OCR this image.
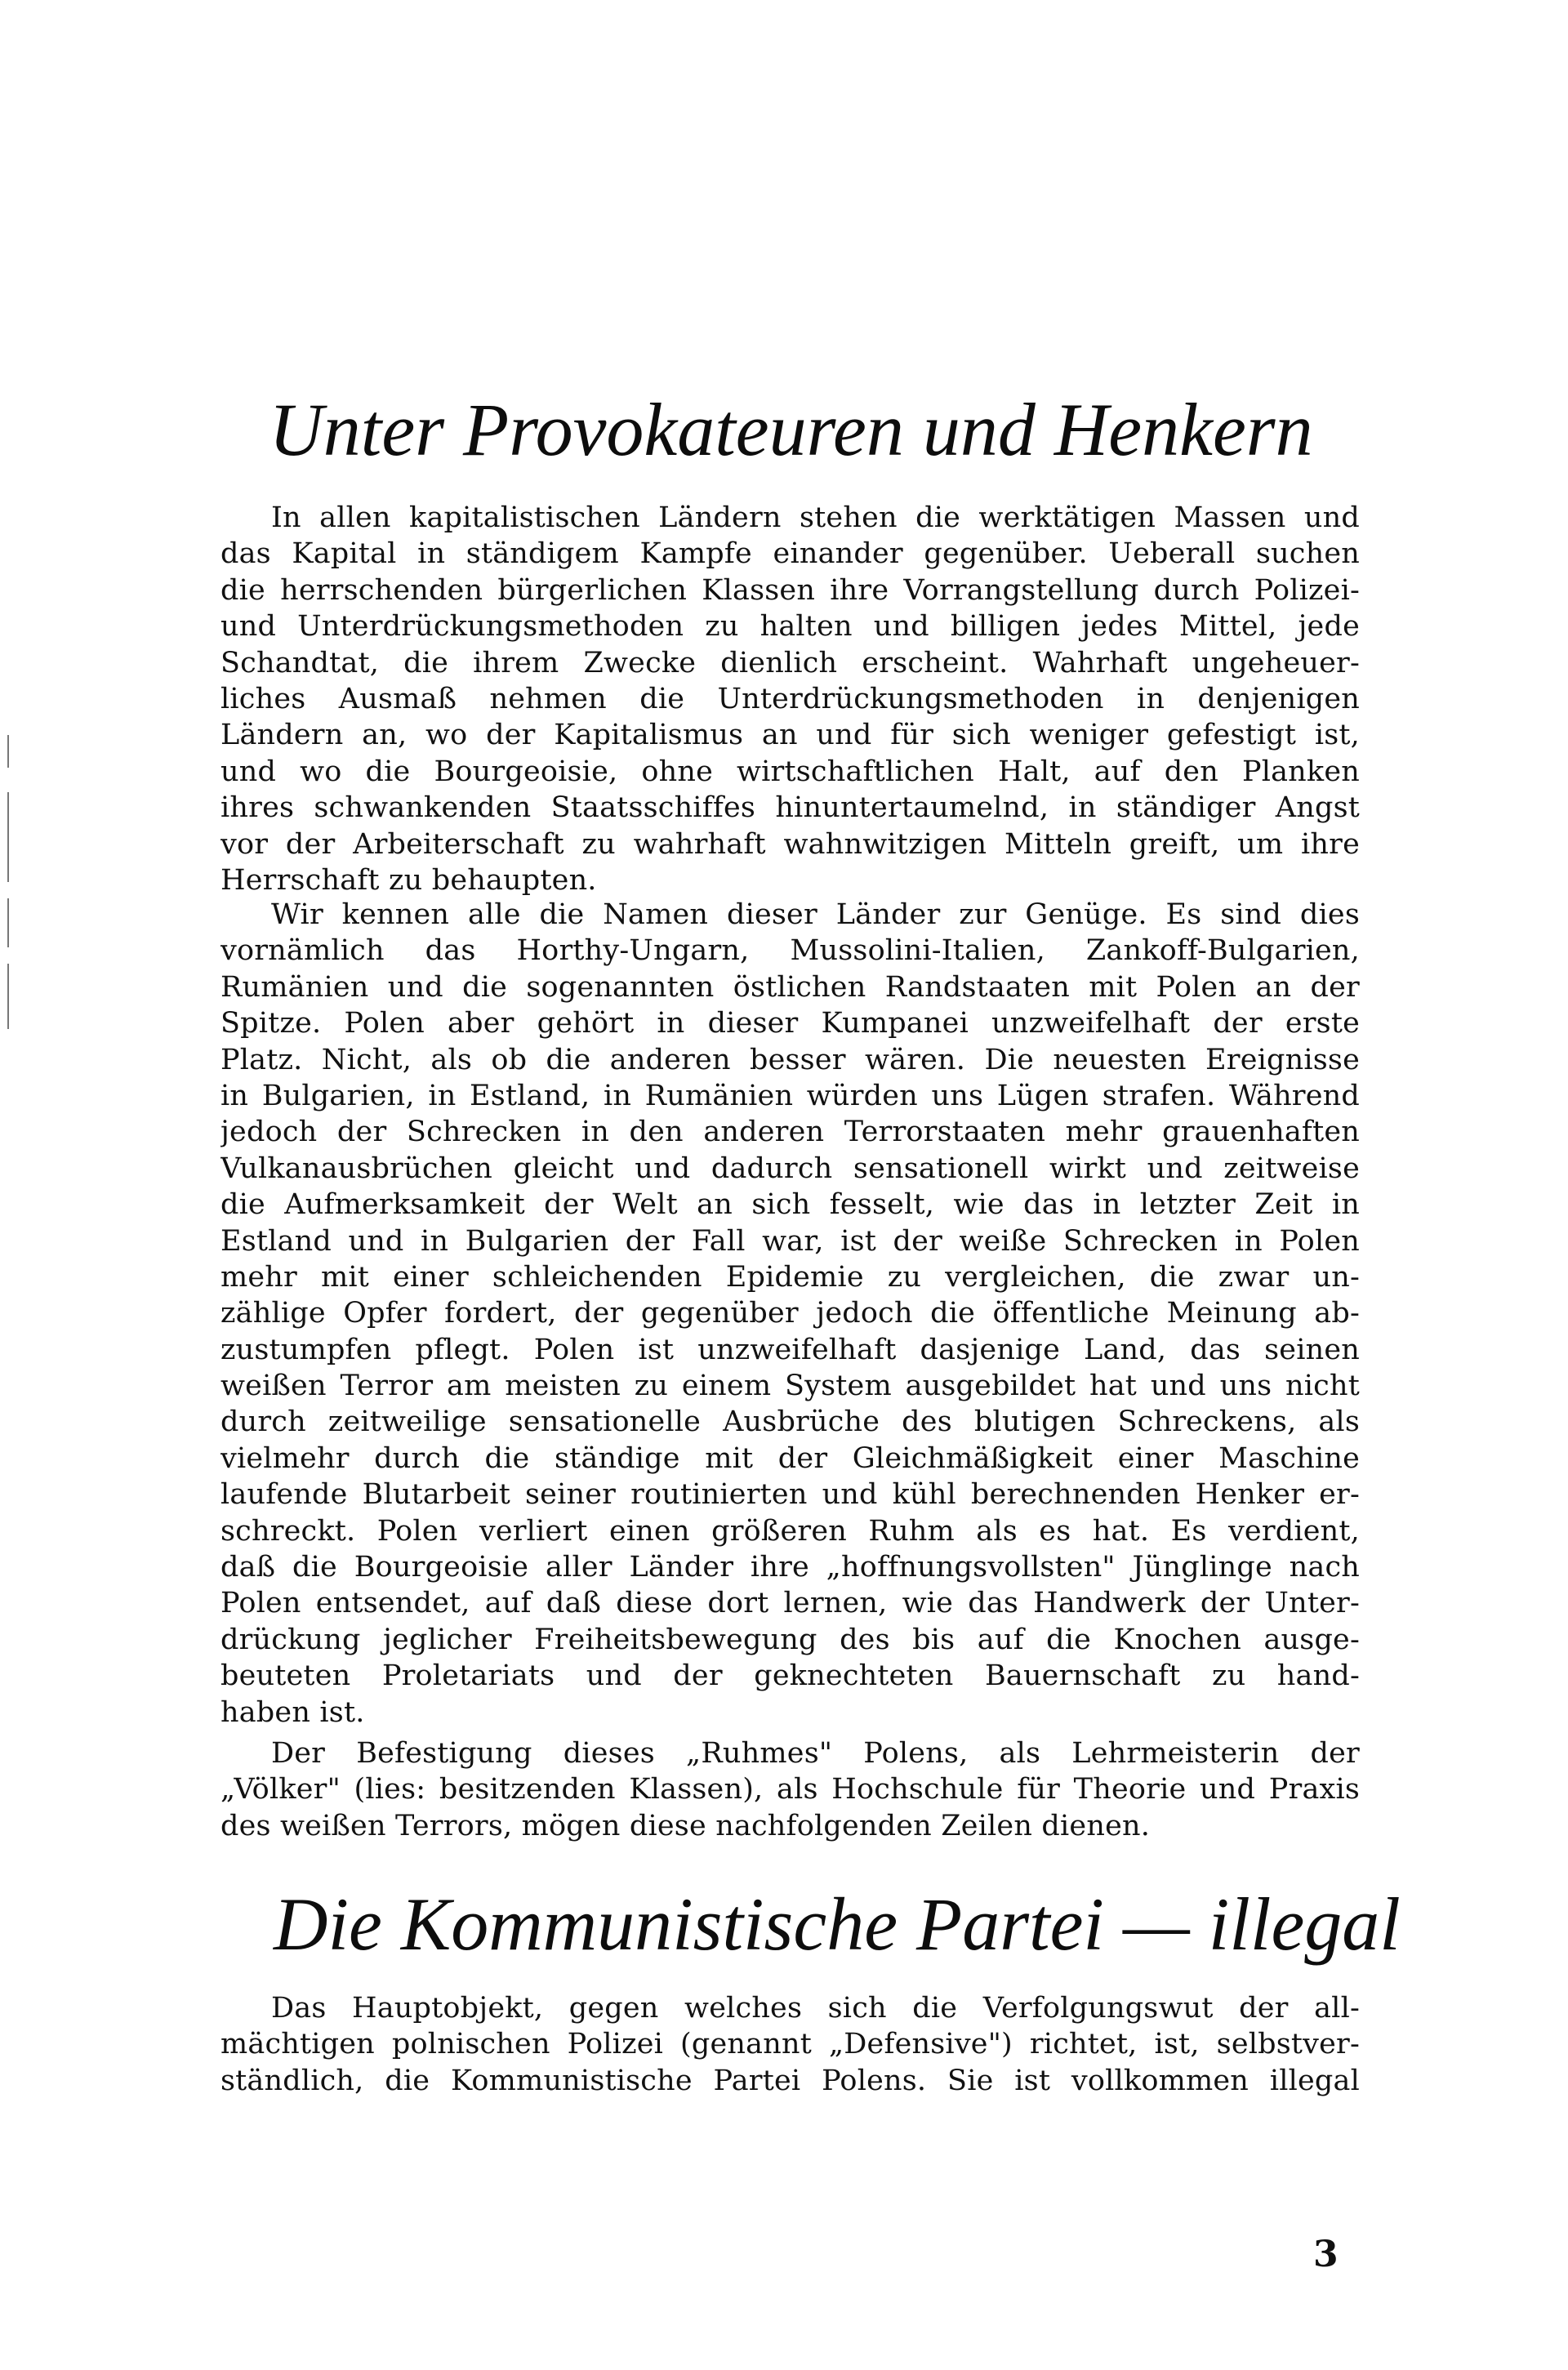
Unter Provokateuren und Henkern
In allen kapitalistischen Ländern stehen die werktätigen Massen und
das Kapital in ständigem Kampfe einander gegenüber. Ueberall suchen
die herrschenden bürgerlichen Klassen ihre Vorrangstellung durch Polizei-
und Unterdrückungsmethoden zu halten und billigen jedes Mittel, jede
Schandtat, die ihrem Zwecke dienlich erscheint. Wahrhaft ungeheuer-
liches Ausmaß nehmen die Unterdrückungsmethoden in denjenigen
Ländern an, wo der Kapitalismus an und für sich weniger gefestigt ist,
und wo die Bourgeoisie, ohne wirtschaftlichen Halt, auf den Planken
ihres schwankenden Staatsschiffes hinuntertaumelnd, in ständiger Angst
vor der Arbeiterschaft zu wahrhaft wahnwitzigen Mitteln greift, um ihre
Herrschaft zu behaupten.
Wir kennen alle die Namen dieser Länder zur Genüge. Es sind dies
vornämlich das Horthy-Ungarn, Mussolini-Italien, Zankoff-Bulgarien,
Rumänien und die sogenannten östlichen Randstaaten mit Polen an der
Spitze. Polen aber gehört in dieser Kumpanei unzweifelhaft der erste
Platz. Nicht, als ob die anderen besser wären. Die neuesten Ereignisse
in Bulgarien, in Estland, in Rumänien würden uns Lügen strafen. Während
jedoch der Schrecken in den anderen Terrorstaaten mehr grauenhaften
Vulkanausbrüchen gleicht und dadurch sensationell wirkt und zeitweise
die Aufmerksamkeit der Welt an sich fesselt, wie das in letzter Zeit in
Estland und in Bulgarien der Fall war, ist der weiße Schrecken in Polen
mehr mit einer schleichenden Epidemie zu vergleichen, die zwar un-
zählige Opfer fordert, der gegenüber jedoch die öffentliche Meinung ab-
zustumpfen pflegt. Polen ist unzweifelhaft dasjenige Land, das seinen
weißen Terror am meisten zu einem System ausgebildet hat und uns nicht
durch zeitweilige sensationelle Ausbrüche des blutigen Schreckens, als
vielmehr durch die ständige mit der Gleichmäßigkeit einer Maschine
laufende Blutarbeit seiner routinierten und kühl berechnenden Henker er-
schreckt. Polen verliert einen größeren Ruhm als es hat. Es verdient,
daß die Bourgeoisie aller Länder ihre „hoffnungsvollsten" Jünglinge nach
Polen entsendet, auf daß diese dort lernen, wie das Handwerk der Unter-
drückung jeglicher Freiheitsbewegung des bis auf die Knochen ausge-
beuteten Proletariats und der geknechteten Bauernschaft zu hand-
haben ist.
Der Befestigung dieses „Ruhmes" Polens, als Lehrmeisterin der
„Völker" (lies: besitzenden Klassen), als Hochschule für Theorie und Praxis
des weißen Terrors, mögen diese nachfolgenden Zeilen dienen.
Die Kommunistische Partei — illegal
Das Hauptobjekt, gegen welches sich die Verfolgungswut der all-
mächtigen polnischen Polizei (genannt „Defensive") richtet, ist, selbstver-
ständlich, die Kommunistische Partei Polens. Sie ist vollkommen illegal
3
